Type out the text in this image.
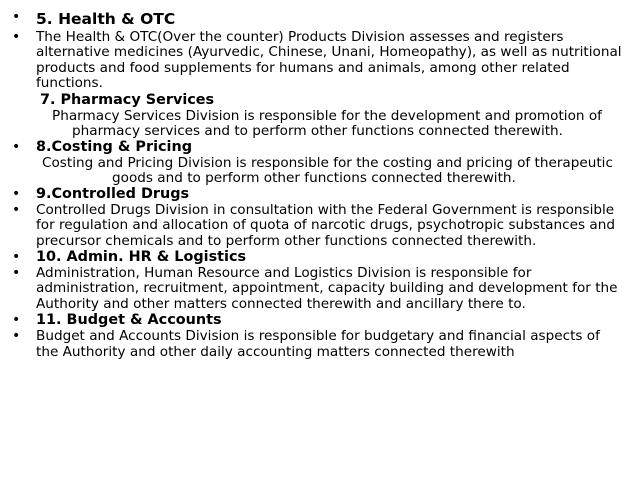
• 5. Health & OTC
• The Health & OTC(Over the counter) Products Division assesses and registers alternative medicines (Ayurvedic, Chinese, Unani, Homeopathy), as well as nutritional products and food supplements for humans and animals, among other related functions.
7. Pharmacy Services
Pharmacy Services Division is responsible for the development and promotion of pharmacy services and to perform other functions connected therewith.
• 8.Costing & Pricing
Costing and Pricing Division is responsible for the costing and pricing of therapeutic
goods and to perform other functions connected therewith.
• 9.Controlled Drugs
• Controlled Drugs Division in consultation with the Federal Government is responsible for regulation and allocation of quota of narcotic drugs, psychotropic substances and precursor chemicals and to perform other functions connected therewith.
• 10. Admin. HR & Logistics
• Administration, Human Resource and Logistics Division is responsible for administration, recruitment, appointment, capacity building and development for the Authority and other matters connected therewith and ancillary there to.
• 11. Budget & Accounts
• Budget and Accounts Division is responsible for budgetary and financial aspects of the Authority and other daily accounting matters connected therewith
